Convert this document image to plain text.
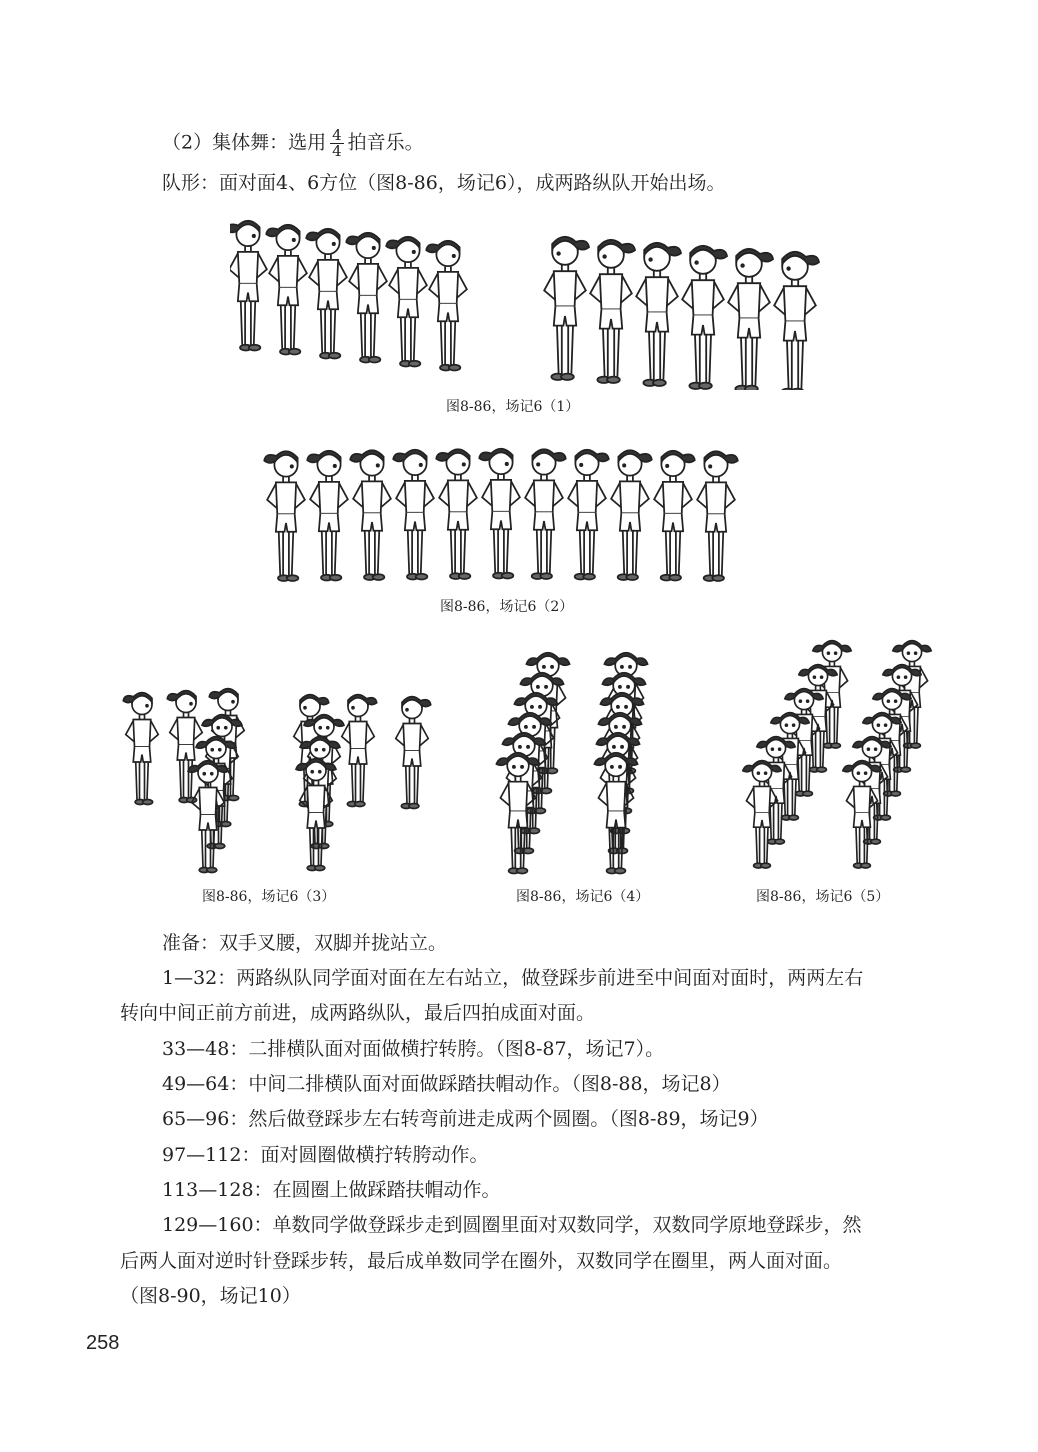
（2）集体舞：选用 $\frac{4}{4}$ 拍音乐。
队形：面对面4、6方位（图8-86，场记6），成两路纵队开始出场。
图8-86，场记6（1）
图8-86，场记6（2）
图8-86，场记6（3）	图8-86，场记6（4）	图8-86，场记6（5）
准备：双手叉腰，双脚并拢站立。
1—32：两路纵队同学面对面在左右站立，做登踩步前进至中间面对面时，两两左右
转向中间正前方前进，成两路纵队，最后四拍成面对面。
33—48：二排横队面对面做横拧转胯。（图8-87，场记7）。
49—64：中间二排横队面对面做踩踏扶帽动作。（图8-88，场记8）
65—96：然后做登踩步左右转弯前进走成两个圆圈。（图8-89，场记9）
97—112：面对圆圈做横拧转胯动作。
113—128：在圆圈上做踩踏扶帽动作。
129—160：单数同学做登踩步走到圆圈里面对双数同学，双数同学原地登踩步，然
后两人面对逆时针登踩步转，最后成单数同学在圈外，双数同学在圈里，两人面对面。
（图8-90，场记10）
258
